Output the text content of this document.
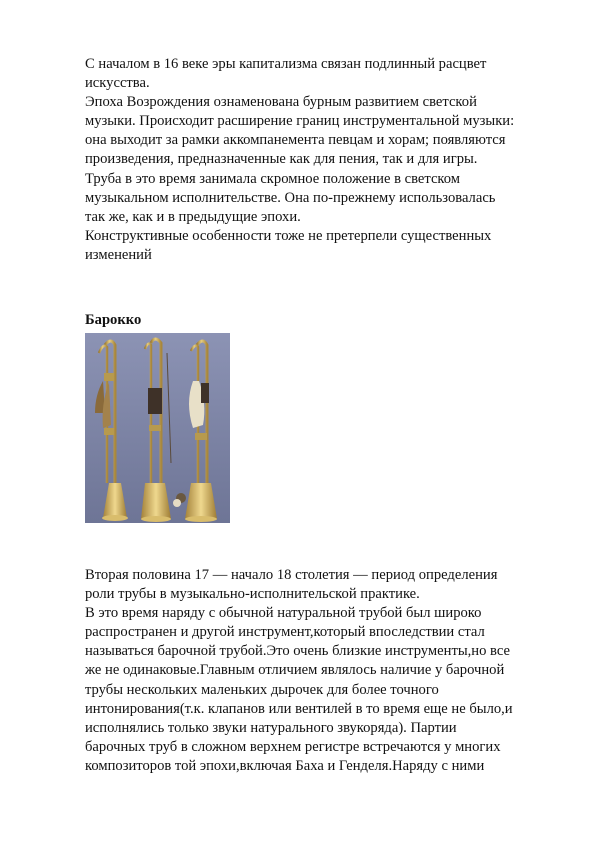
С началом в 16 веке эры капитализма связан подлинный расцвет
искусства.
Эпоха Возрождения ознаменована бурным развитием светской
музыки. Происходит расширение границ инструментальной музыки:
она выходит за рамки аккомпанемента певцам и хорам; появляются
произведения, предназначенные как для пения, так и для игры.
Труба в это время занимала скромное положение в светском
музыкальном исполнительстве. Она по-прежнему использовалась
так же, как и в предыдущие эпохи.
Конструктивные особенности тоже не претерпели существенных
изменений
Барокко
Вторая половина 17 — начало 18 столетия — период определения
роли трубы в музыкально-исполнительской практике.
В это время наряду с обычной натуральной трубой был широко
распространен и другой инструмент,который впоследствии стал
называться барочной трубой.Это очень близкие инструменты,но все
же не одинаковые.Главным отличием являлось наличие у барочной
трубы нескольких маленьких дырочек для более точного
интонирования(т.к. клапанов или вентилей в то время еще не было,и
исполнялись только звуки натурального звукоряда). Партии
барочных труб в сложном верхнем регистре встречаются у многих
композиторов той эпохи,включая Баха и Генделя.Наряду с ними
